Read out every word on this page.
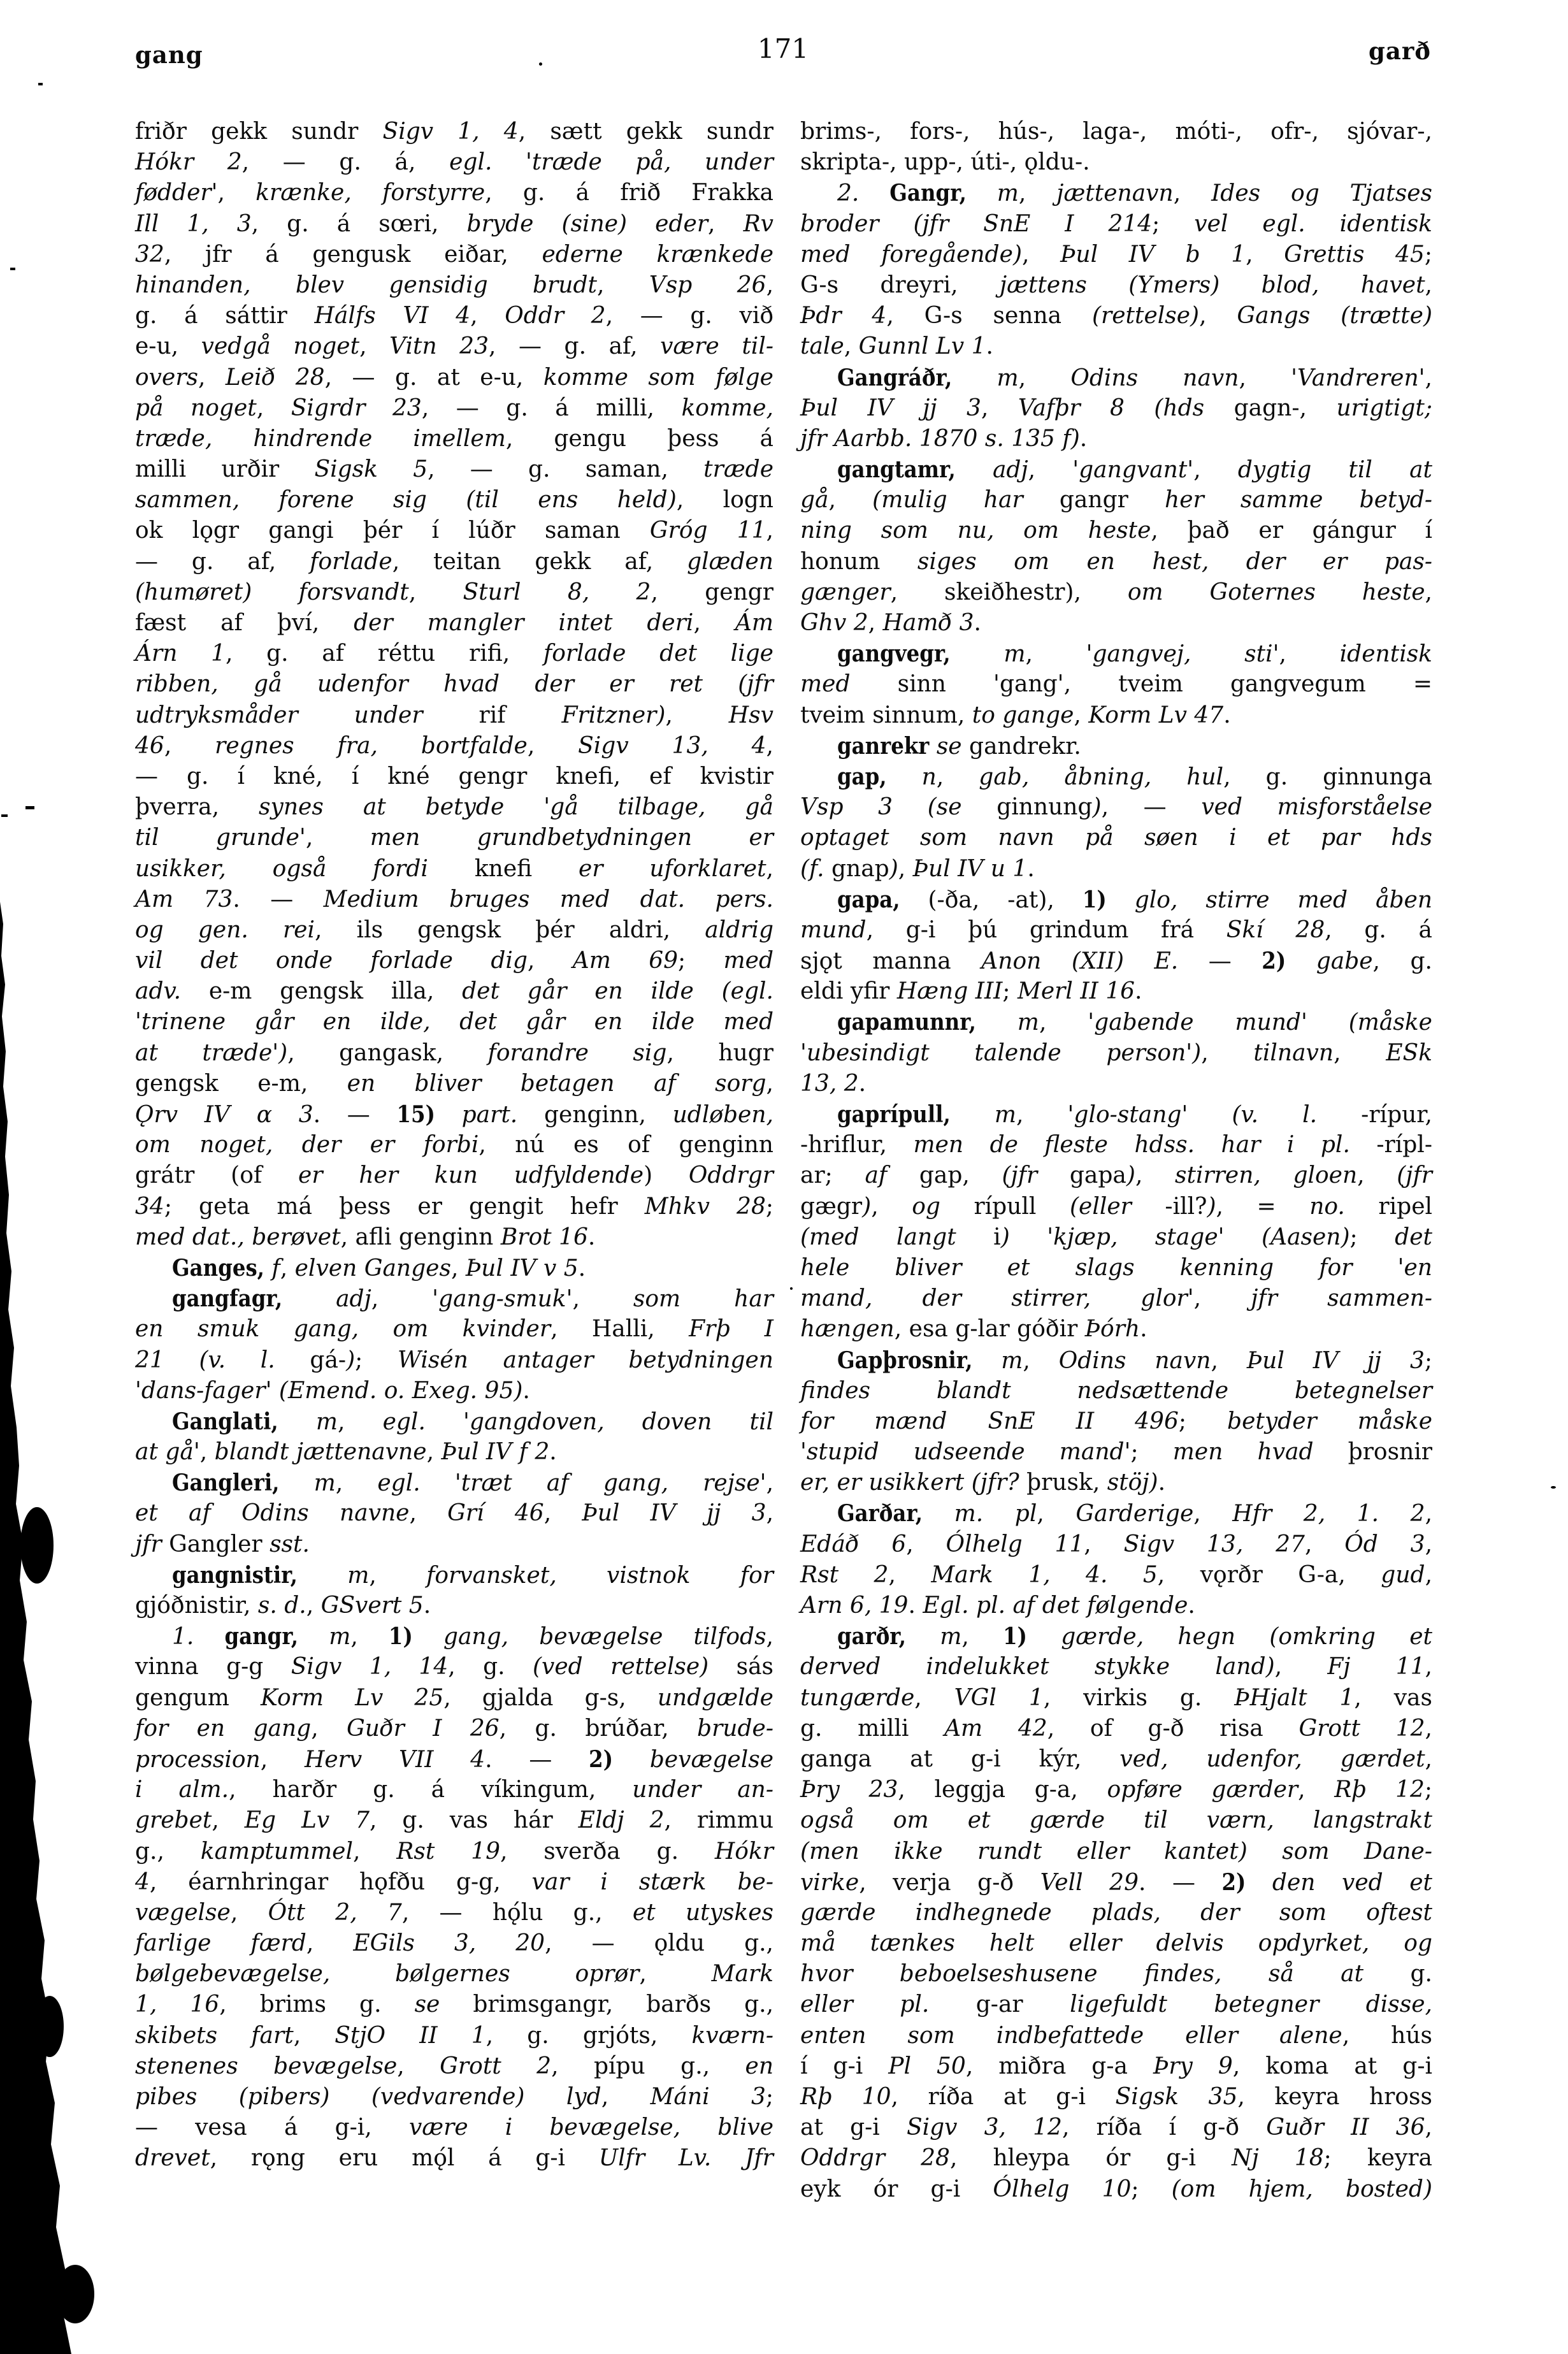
gang	171	garð
friðr gekk sundr Sigv 1, 4, sætt gekk sundr
Hókr 2, — g. á, egl. 'træde på, under
fødder', krænke, forstyrre, g. á frið Frakka
Ill 1, 3, g. á sœri, bryde (sine) eder, Rv
32, jfr á gengusk eiðar, ederne krænkede
hinanden, blev gensidig brudt, Vsp 26,
g. á sáttir Hálfs VI 4, Oddr 2, — g. við
e-u, vedgå noget, Vitn 23, — g. af, være til-
overs, Leið 28, — g. at e-u, komme som følge
på noget, Sigrdr 23, — g. á milli, komme,
træde, hindrende imellem, gengu þess á
milli urðir Sigsk 5, — g. saman, træde
sammen, forene sig (til ens held), logn
ok lǫgr gangi þér í lúðr saman Gróg 11,
— g. af, forlade, teitan gekk af, glæden
(humøret) forsvandt, Sturl 8, 2, gengr
fæst af því, der mangler intet deri, Ám
Árn 1, g. af réttu rifi, forlade det lige
ribben, gå udenfor hvad der er ret (jfr
udtryksmåder under rif Fritzner), Hsv
46, regnes fra, bortfalde, Sigv 13, 4,
— g. í kné, í kné gengr knefi, ef kvistir
þverra, synes at betyde 'gå tilbage, gå
til grunde', men grundbetydningen er
usikker, også fordi knefi er uforklaret,
Am 73. — Medium bruges med dat. pers.
og gen. rei, ils gengsk þér aldri, aldrig
vil det onde forlade dig, Am 69; med
adv. e-m gengsk illa, det går en ilde (egl.
'trinene går en ilde, det går en ilde med
at træde'), gangask, forandre sig, hugr
gengsk e-m, en bliver betagen af sorg,
Ǫrv IV α 3. — 15) part. genginn, udløben,
om noget, der er forbi, nú es of genginn
grátr (of er her kun udfyldende) Oddrgr
34; geta má þess er gengit hefr Mhkv 28;
med dat., berøvet, afli genginn Brot 16.
Ganges, f, elven Ganges, Þul IV v 5.
gangfagr, adj, 'gang-smuk', som har
en smuk gang, om kvinder, Halli, Frþ I
21 (v. l. gá-); Wisén antager betydningen
'dans-fager' (Emend. o. Exeg. 95).
Ganglati, m, egl. 'gangdoven, doven til
at gå', blandt jættenavne, Þul IV f 2.
Gangleri, m, egl. 'træt af gang, rejse',
et af Odins navne, Grí 46, Þul IV jj 3,
jfr Gangler sst.
gangnistir, m, forvansket, vistnok for
gjóðnistir, s. d., GSvert 5.
1. gangr, m, 1) gang, bevægelse tilfods,
vinna g-g Sigv 1, 14, g. (ved rettelse) sás
gengum Korm Lv 25, gjalda g-s, undgælde
for en gang, Guðr I 26, g. brúðar, brude-
procession, Herv VII 4. — 2) bevægelse
i alm., harðr g. á víkingum, under an-
grebet, Eg Lv 7, g. vas hár Eldj 2, rimmu
g., kamptummel, Rst 19, sverða g. Hókr
4, éarnhringar hǫfðu g-g, var i stærk be-
vægelse, Ótt 2, 7, — hǫ́lu g., et utyskes
farlige færd, EGils 3, 20, — ǫldu g.,
bølgebevægelse, bølgernes oprør, Mark
1, 16, brims g. se brimsgangr, barðs g.,
skibets fart, StjO II 1, g. grjóts, kværn-
stenenes bevægelse, Grott 2, pípu g., en
pibes (pibers) (vedvarende) lyd, Máni 3;
— vesa á g-i, være i bevægelse, blive
drevet, rǫng eru mǫ́l á g-i Ulfr Lv. Jfr
brims-, fors-, hús-, laga-, móti-, ofr-, sjóvar-,
skripta-, upp-, úti-, ǫldu-.
2. Gangr, m, jættenavn, Ides og Tjatses
broder (jfr SnE I 214; vel egl. identisk
med foregående), Þul IV b 1, Grettis 45;
G-s dreyri, jættens (Ymers) blod, havet,
Þdr 4, G-s senna (rettelse), Gangs (trætte)
tale, Gunnl Lv 1.
Gangráðr, m, Odins navn, 'Vandreren',
Þul IV jj 3, Vafþr 8 (hds gagn-, urigtigt;
jfr Aarbb. 1870 s. 135 f).
gangtamr, adj, 'gangvant', dygtig til at
gå, (mulig har gangr her samme betyd-
ning som nu, om heste, það er gángur í
honum siges om en hest, der er pas-
gænger, skeiðhestr), om Goternes heste,
Ghv 2, Hamð 3.
gangvegr, m, 'gangvej, sti', identisk
med sinn 'gang', tveim gangvegum =
tveim sinnum, to gange, Korm Lv 47.
ganrekr se gandrekr.
gap, n, gab, åbning, hul, g. ginnunga
Vsp 3 (se ginnung), — ved misforståelse
optaget som navn på søen i et par hds
(f. gnap), Þul IV u 1.
gapa, (-ða, -at), 1) glo, stirre med åben
mund, g-i þú grindum frá Skí 28, g. á
sjǫt manna Anon (XII) E. — 2) gabe, g.
eldi yfir Hæng III; Merl II 16.
gapamunnr, m, 'gabende mund' (måske
'ubesindigt talende person'), tilnavn, ESk
13, 2.
gaprípull, m, 'glo-stang' (v. l. -rípur,
-hriflur, men de fleste hdss. har i pl. -rípl-
ar; af gap, (jfr gapa), stirren, gloen, (jfr
gægr), og rípull (eller -ill?), = no. ripel
(med langt i) 'kjæp, stage' (Aasen); det
hele bliver et slags kenning for 'en
mand, der stirrer, glor', jfr sammen-
hængen, esa g-lar góðir Þórh.
Gapþrosnir, m, Odins navn, Þul IV jj 3;
findes blandt nedsættende betegnelser
for mænd SnE II 496; betyder måske
'stupid udseende mand'; men hvad þrosnir
er, er usikkert (jfr? þrusk, stöj).
Garðar, m. pl, Garderige, Hfr 2, 1. 2,
Edáð 6, Ólhelg 11, Sigv 13, 27, Ód 3,
Rst 2, Mark 1, 4. 5, vǫrðr G-a, gud,
Arn 6, 19. Egl. pl. af det følgende.
garðr, m, 1) gærde, hegn (omkring et
derved indelukket stykke land), Fj 11,
tungærde, VGl 1, virkis g. ÞHjalt 1, vas
g. milli Am 42, of g-ð risa Grott 12,
ganga at g-i kýr, ved, udenfor, gærdet,
Þry 23, leggja g-a, opføre gærder, Rþ 12;
også om et gærde til værn, langstrakt
(men ikke rundt eller kantet) som Dane-
virke, verja g-ð Vell 29. — 2) den ved et
gærde indhegnede plads, der som oftest
må tænkes helt eller delvis opdyrket, og
hvor beboelseshusene findes, så at g.
eller pl. g-ar ligefuldt betegner disse,
enten som indbefattede eller alene, hús
í g-i Pl 50, miðra g-a Þry 9, koma at g-i
Rþ 10, ríða at g-i Sigsk 35, keyra hross
at g-i Sigv 3, 12, ríða í g-ð Guðr II 36,
Oddrgr 28, hleypa ór g-i Nj 18; keyra
eyk ór g-i Ólhelg 10; (om hjem, bosted)
